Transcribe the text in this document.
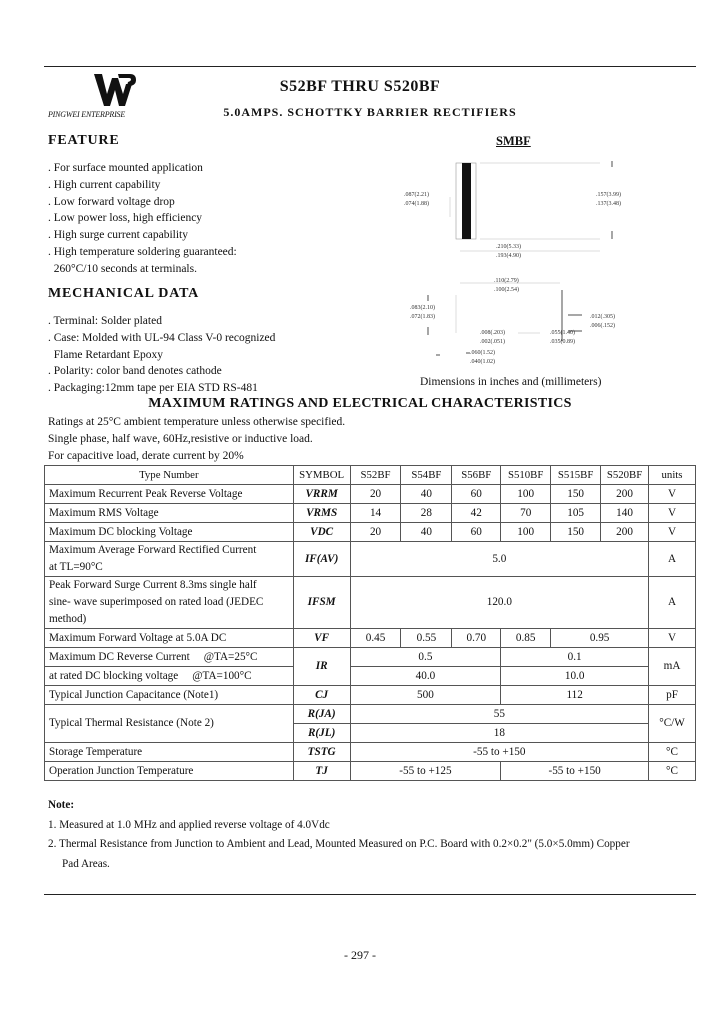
PINGWEI ENTERPRISE
S52BF THRU S520BF
5.0AMPS. SCHOTTKY BARRIER RECTIFIERS
FEATURE
. For surface mounted application
. High current capability
. Low forward voltage drop
. Low power loss, high efficiency
. High surge current capability
. High temperature soldering guaranteed:
260°C/10 seconds at terminals.
SMBF
.087(2.21)
.074(1.88)
.157(3.99)
.137(3.48)
.210(5.33)
.193(4.90)
.110(2.79)
.100(2.54)
.083(2.10)
.072(1.83)	.012(.305)
.006(.152)
.008(.203)
.002(.051)
.055(1.40)
.035(0.89)
.060(1.52)
.040(1.02)
Dimensions in inches and (millimeters)
MECHANICAL DATA
. Terminal: Solder plated
. Case: Molded with UL-94 Class V-0 recognized
Flame Retardant Epoxy
. Polarity: color band denotes cathode
. Packaging:12mm tape per EIA STD RS-481
MAXIMUM RATINGS AND ELECTRICAL CHARACTERISTICS
Ratings at 25°C ambient temperature unless otherwise specified.
Single phase, half wave, 60Hz,resistive or inductive load.
For capacitive load, derate current by 20%
Type Number	SYMBOL	S52BF	S54BF	S56BF	S510BF	S515BF	S520BF	units
Maximum Recurrent Peak Reverse Voltage	VRRM	20	40	60	100	150	200	V
Maximum RMS Voltage	VRMS	14	28	42	70	105	140	V
Maximum DC blocking Voltage	VDC	20	40	60	100	150	200	V

Maximum Average Forward Rectified Current
at TL=90°C	IF(AV)	5.0						A

Peak Forward Surge Current 8.3ms single half
sine- wave superimposed on rated load (JEDEC
method)	IFSM	120.0						A
Maximum Forward Voltage at 5.0A DC	VF	0.45	0.55	0.70	0.85	0.95		V
Maximum DC Reverse Current     @TA=25°C	IR	0.5			0.1			mA
at rated DC blocking voltage     @TA=100°C		40.0			10.0			
Typical Junction Capacitance (Note1)	CJ	500			112			pF
Typical Thermal Resistance (Note 2)	R(JA)	55						°C/W
	R(JL)	18						
Storage Temperature	TSTG	-55 to +150						°C
Operation Junction Temperature	TJ	-55 to +125			-55 to +150			°C
Note:
1. Measured at 1.0 MHz and applied reverse voltage of 4.0Vdc
2. Thermal Resistance from Junction to Ambient and Lead, Mounted Measured on P.C. Board with 0.2×0.2" (5.0×5.0mm) Copper
Pad Areas.
- 297 -
